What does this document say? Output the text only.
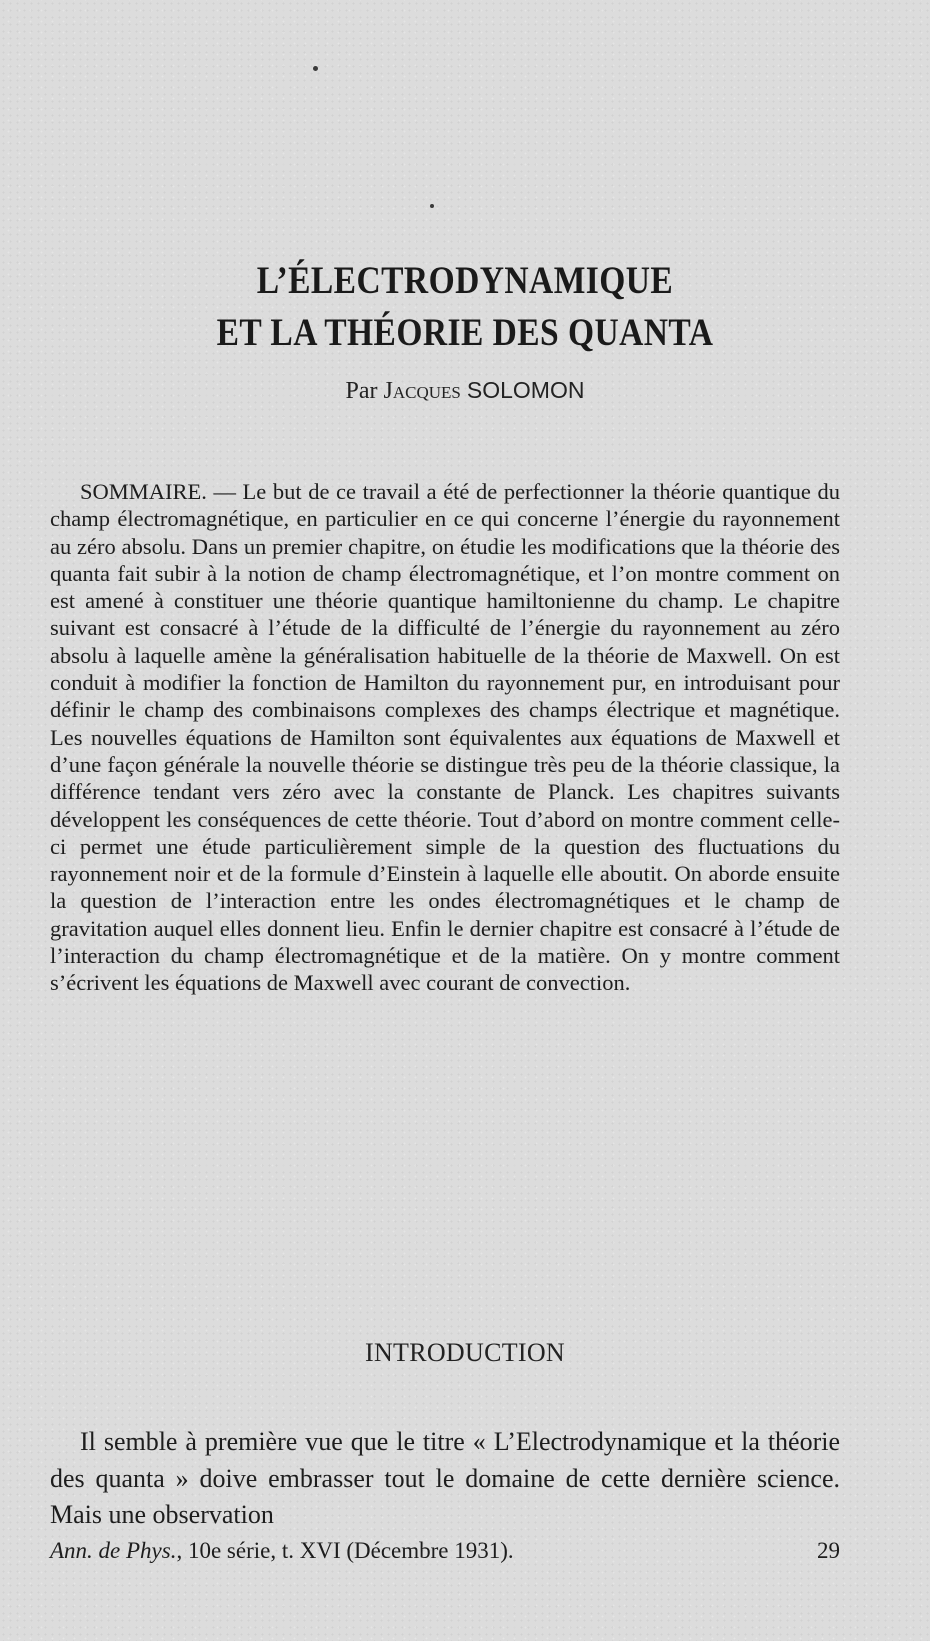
L’ÉLECTRODYNAMIQUE
ET LA THÉORIE DES QUANTA
Par Jacques SOLOMON

SOMMAIRE. — Le but de ce travail a été de perfectionner la théorie quantique du champ électromagnétique, en particulier en ce qui concerne l’énergie du rayonnement au zéro absolu. Dans un premier chapitre, on étudie les modifications que la théorie des quanta fait subir à la notion de champ électromagnétique, et l’on montre comment on est amené à constituer une théorie quantique hamiltonienne du champ. Le chapitre suivant est consacré à l’étude de la difficulté de l’énergie du rayonnement au zéro absolu à laquelle amène la généralisation habituelle de la théorie de Maxwell. On est conduit à modifier la fonction de Hamilton du rayonnement pur, en introduisant pour définir le champ des combinaisons complexes des champs électrique et magnétique. Les nouvelles équations de Hamilton sont équivalentes aux équations de Maxwell et d’une façon générale la nouvelle théorie se distingue très peu de la théorie classique, la différence tendant vers zéro avec la constante de Planck. Les chapitres suivants développent les conséquences de cette théorie. Tout d’abord on montre comment celle-ci permet une étude particulièrement simple de la question des fluctuations du rayonnement noir et de la formule d’Einstein à laquelle elle aboutit. On aborde ensuite la question de l’interaction entre les ondes électromagnétiques et le champ de gravitation auquel elles donnent lieu. Enfin le dernier chapitre est consacré à l’étude de l’interaction du champ électromagnétique et de la matière. On y montre comment s’écrivent les équations de Maxwell avec courant de convection.

INTRODUCTION

Il semble à première vue que le titre « L’Electrodynamique et la théorie des quanta » doive embrasser tout le domaine de cette dernière science. Mais une observation

Ann. de Phys., 10e série, t. XVI (Décembre 1931).	29
